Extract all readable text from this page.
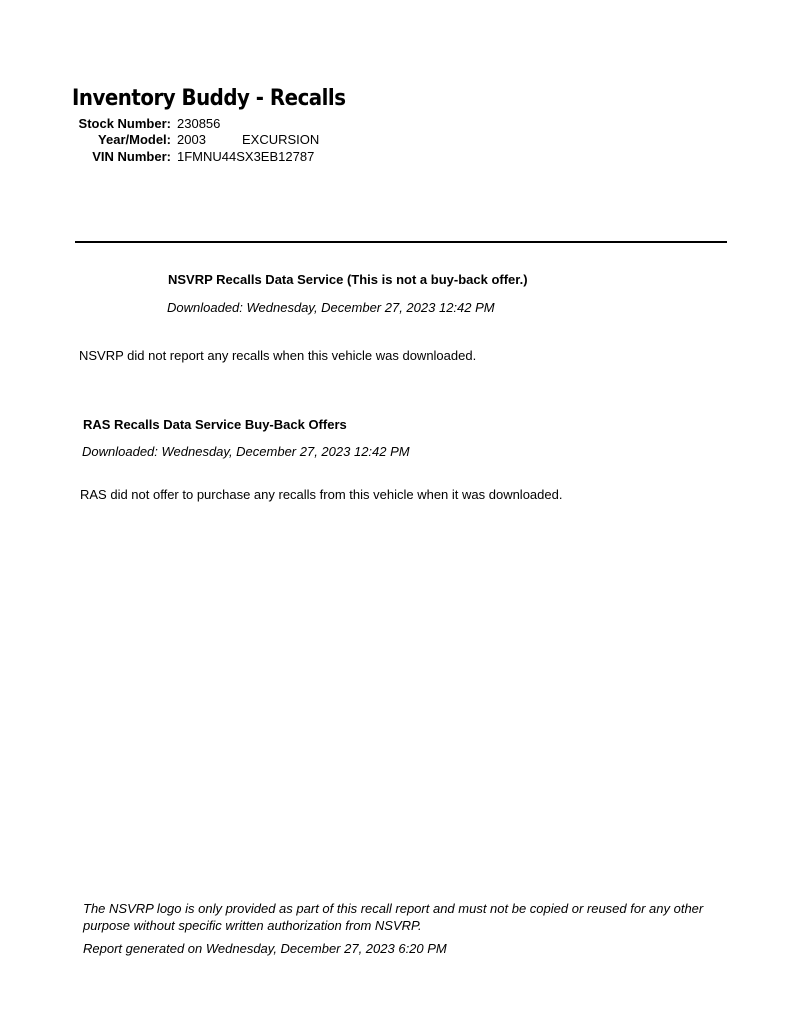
Inventory Buddy - Recalls
Stock Number: 230856
Year/Model: 2003	EXCURSION
VIN Number: 1FMNU44SX3EB12787
NSVRP Recalls Data Service (This is not a buy-back offer.)
Downloaded: Wednesday, December 27, 2023 12:42 PM
NSVRP did not report any recalls when this vehicle was downloaded.
RAS Recalls Data Service Buy-Back Offers
Downloaded: Wednesday, December 27, 2023 12:42 PM
RAS did not offer to purchase any recalls from this vehicle when it was downloaded.
The NSVRP logo is only provided as part of this recall report and must not be copied or reused for any other purpose without specific written authorization from NSVRP.
Report generated on Wednesday, December 27, 2023 6:20 PM
